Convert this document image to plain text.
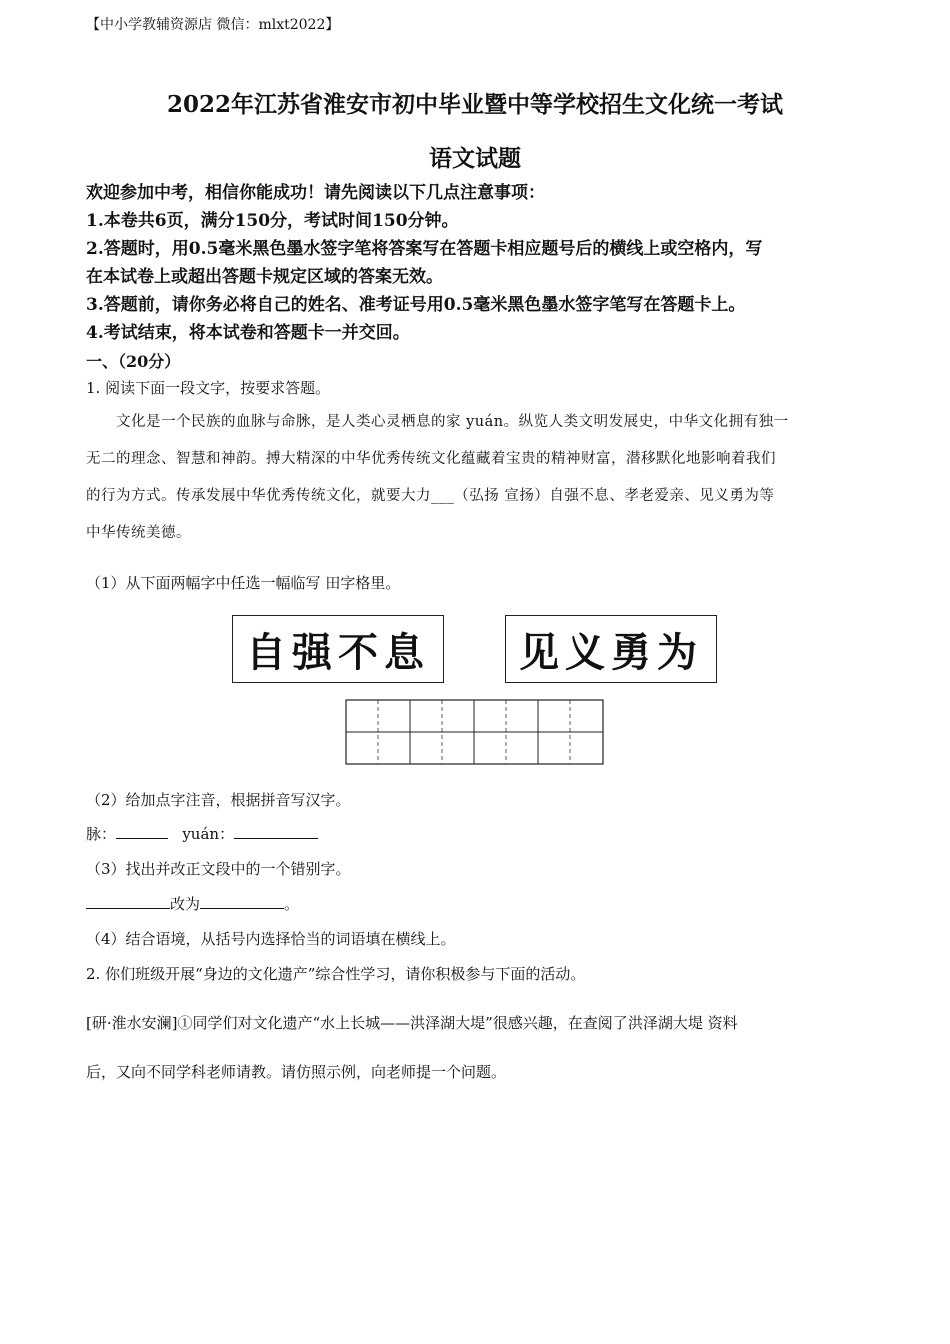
【中小学教辅资源店 微信：mlxt2022】
2022年江苏省淮安市初中毕业暨中等学校招生文化统一考试
语文试题
欢迎参加中考，相信你能成功！请先阅读以下几点注意事项：
1.本卷共6页，满分150分，考试时间150分钟。
2.答题时，用0.5毫米黑色墨水签字笔将答案写在答题卡相应题号后的横线上或空格内，写
在本试卷上或超出答题卡规定区域的答案无效。
3.答题前，请你务必将自己的姓名、准考证号用0.5毫米黑色墨水签字笔写在答题卡上。
4.考试结束，将本试卷和答题卡一并交回。
一、（20分）
1. 阅读下面一段文字，按要求答题。
文化是一个民族的血脉与命脉 •，是人类心灵栖息的家 yuán。纵览人类文明发展史，中华文化拥有独一
无二的理念、智慧和神韵。搏大精深的中华优秀传统文化蕴藏着宝贵的精神财富，潜移默化地影响着我们
的行为方式。传承发展中华优秀传统文化，就要大力___（弘扬 宣扬）自强不息、孝老爱亲、见义勇为等
中华传统美德。
（1）从下面两幅字中任选一幅临写 田字格里。
自强不息	见义勇为
（2）给加点字注音，根据拼音写汉字。
脉：	yuán：
（3）找出并改正文段中的一个错别字。
改为	。
（4）结合语境，从括号内选择恰当的词语填在横线上。
2. 你们班级开展“身边的文化遗产”综合性学习，请你积极参与下面的活动。
[研·淮水安澜]①同学们对文化遗产“水上长城——洪泽湖大堤”很感兴趣，在查阅了洪泽湖大堤 资料
后，又向不同学科老师请教。请仿照示例，向老师提一个问题。
